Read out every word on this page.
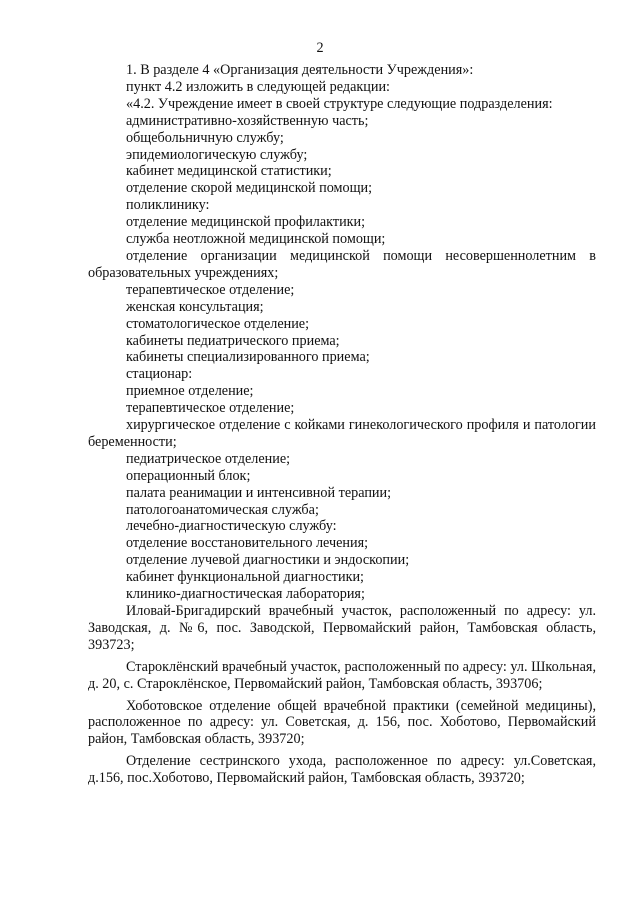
2
1. В разделе 4 «Организация деятельности Учреждения»:
пункт 4.2 изложить в следующей редакции:
«4.2. Учреждение имеет в своей структуре следующие подразделения:
административно-хозяйственную часть;
общебольничную службу;
эпидемиологическую службу;
кабинет медицинской статистики;
отделение скорой медицинской помощи;
поликлинику:
отделение медицинской профилактики;
служба неотложной медицинской помощи;
отделение организации медицинской помощи несовершеннолетним в образовательных учреждениях;
терапевтическое отделение;
женская консультация;
стоматологическое отделение;
кабинеты педиатрического приема;
кабинеты специализированного приема;
стационар:
приемное отделение;
терапевтическое отделение;
хирургическое отделение с койками гинекологического профиля и патологии беременности;
педиатрическое отделение;
операционный блок;
палата реанимации и интенсивной терапии;
патологоанатомическая служба;
лечебно-диагностическую службу:
отделение восстановительного лечения;
отделение лучевой диагностики и эндоскопии;
кабинет функциональной диагностики;
клинико-диагностическая лаборатория;
Иловай-Бригадирский врачебный участок, расположенный по адресу: ул. Заводская, д. №6, пос. Заводской, Первомайский район, Тамбовская область, 393723;
Староклёнский врачебный участок, расположенный по адресу: ул. Школьная, д. 20, с. Староклёнское, Первомайский район, Тамбовская область, 393706;
Хоботовское отделение общей врачебной практики (семейной медицины), расположенное по адресу: ул. Советская, д. 156, пос. Хоботово, Первомайский район, Тамбовская область, 393720;
Отделение сестринского ухода, расположенное по адресу: ул.Советская, д.156, пос.Хоботово, Первомайский район, Тамбовская область, 393720;
